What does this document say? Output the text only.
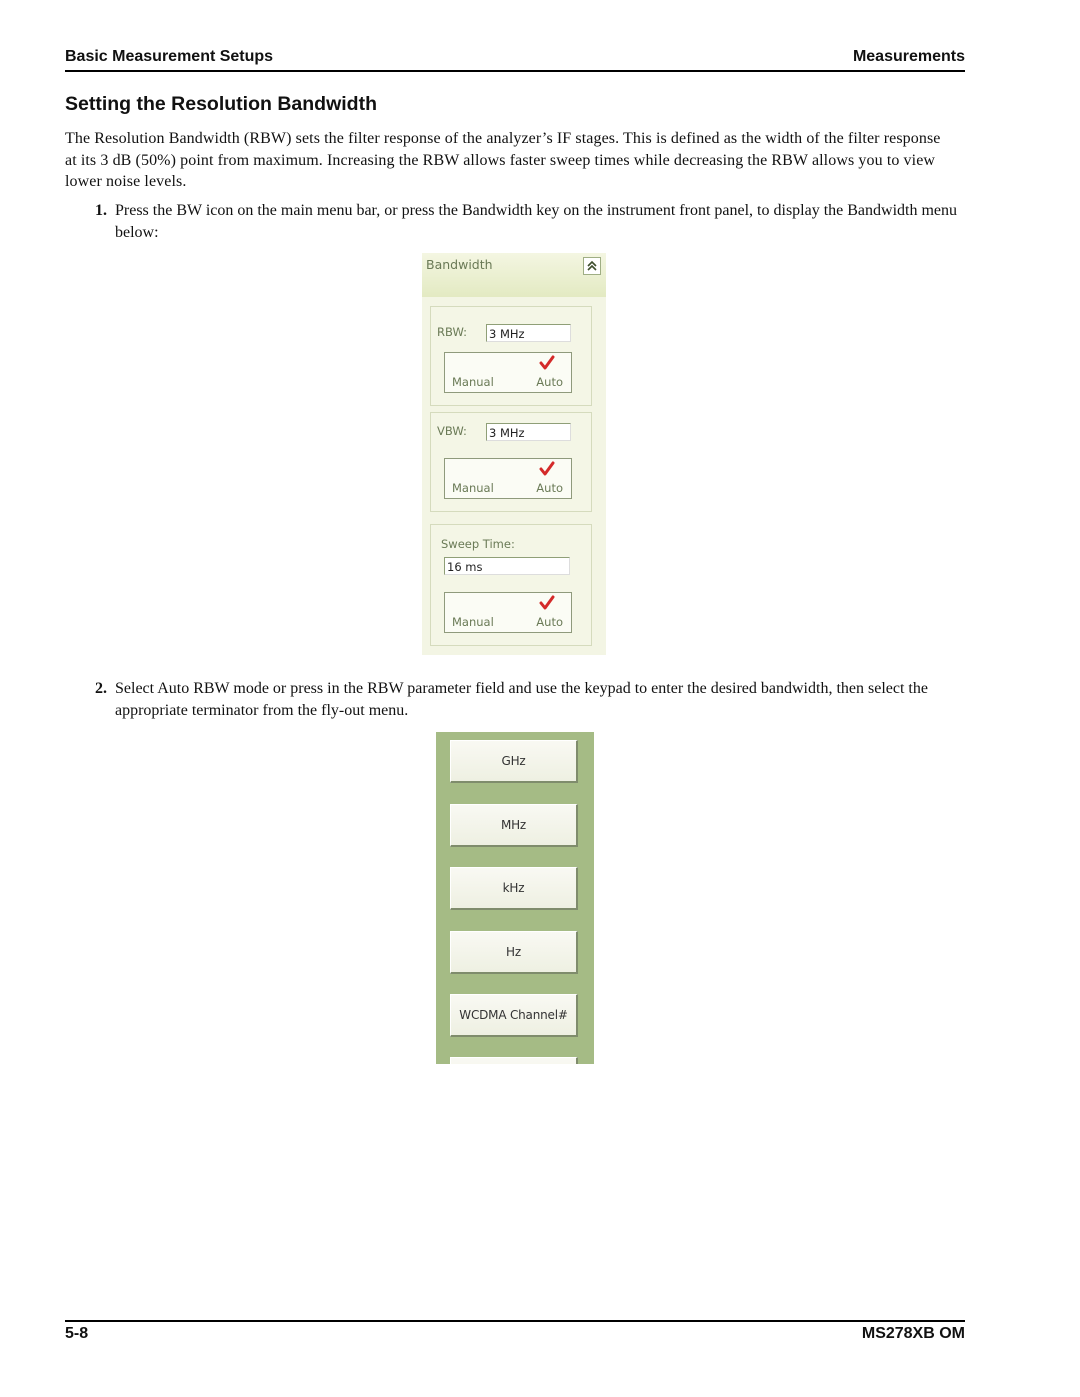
Basic Measurement Setups	Measurements
Setting the Resolution Bandwidth

The Resolution Bandwidth (RBW) sets the filter response of the analyzer’s IF stages. This is defined as the width of the filter response at its 3 dB (50%) point from maximum. Increasing the RBW allows faster sweep times while decreasing the RBW allows you to view lower noise levels.

1. Press the BW icon on the main menu bar, or press the Bandwidth key on the instrument front panel, to display the Bandwidth menu below:
Bandwidth
RBW: 3 MHz
Manual	Auto
VBW: 3 MHz
Manual	Auto
Sweep Time:
16 ms
Manual	Auto
2. Select Auto RBW mode or press in the RBW parameter field and use the keypad to enter the desired bandwidth, then select the appropriate terminator from the fly-out menu.
GHz
MHz
kHz
Hz
WCDMA Channel#
5-8	MS278XB OM
